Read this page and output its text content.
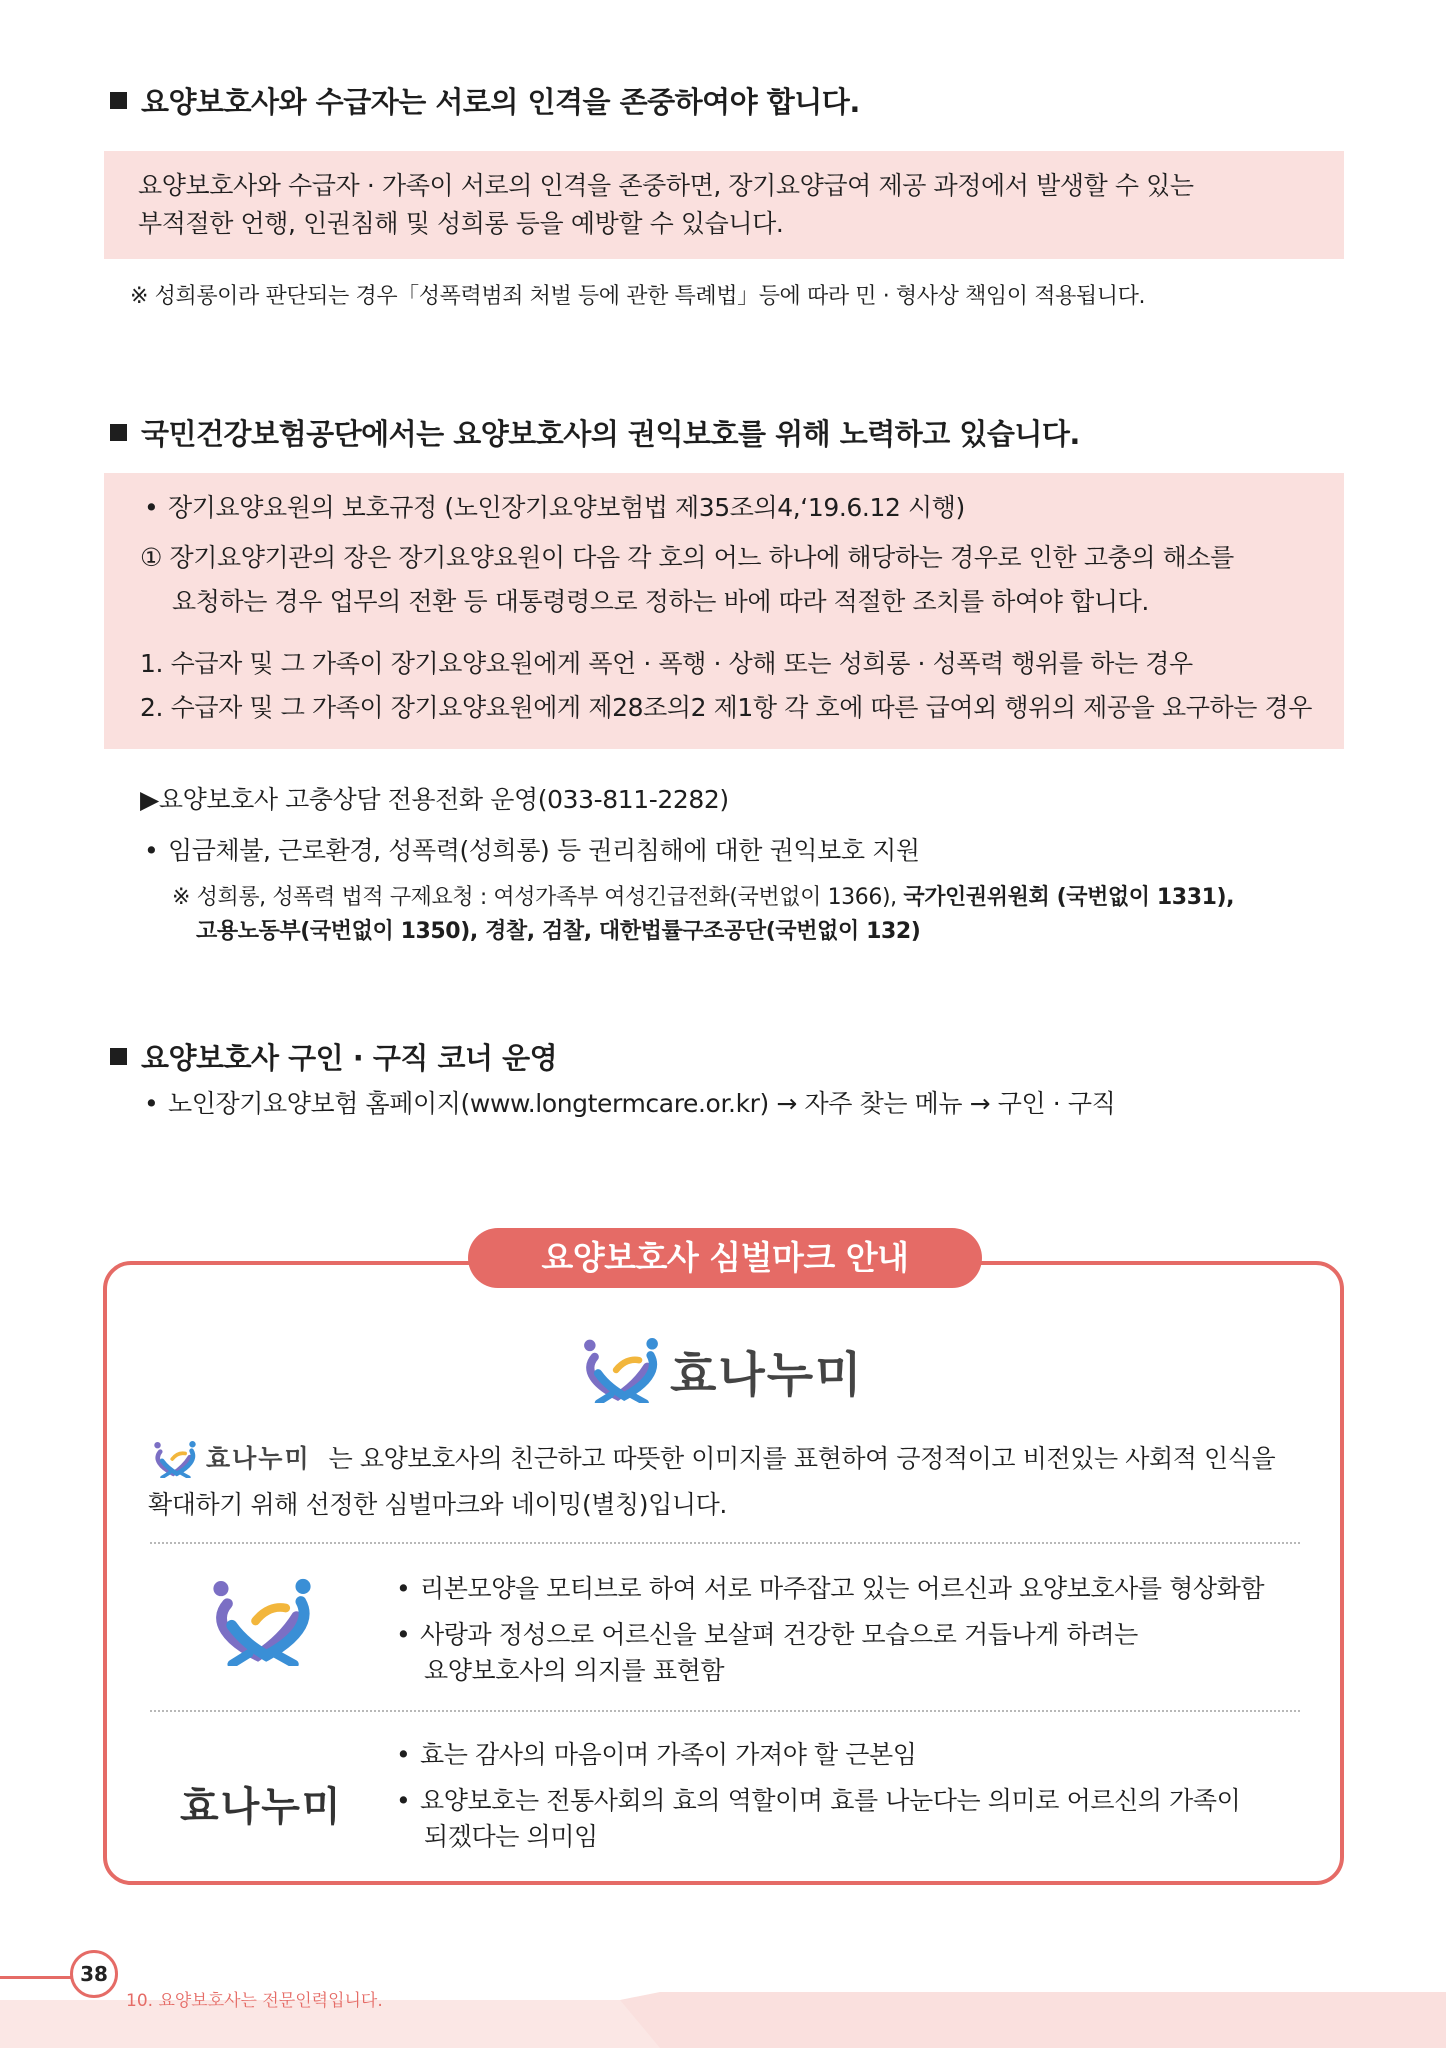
요양보호사와 수급자는 서로의 인격을 존중하여야 합니다.
요양보호사와 수급자 · 가족이 서로의 인격을 존중하면, 장기요양급여 제공 과정에서 발생할 수 있는
부적절한 언행, 인권침해 및 성희롱 등을 예방할 수 있습니다.
※ 성희롱이라 판단되는 경우「성폭력범죄 처벌 등에 관한 특례법」등에 따라 민 · 형사상 책임이 적용됩니다.
국민건강보험공단에서는 요양보호사의 권익보호를 위해 노력하고 있습니다.
• 장기요양요원의 보호규정 (노인장기요양보험법 제35조의4,‘19.6.12 시행)
① 장기요양기관의 장은 장기요양요원이 다음 각 호의 어느 하나에 해당하는 경우로 인한 고충의 해소를
요청하는 경우 업무의 전환 등 대통령령으로 정하는 바에 따라 적절한 조치를 하여야 합니다.
1. 수급자 및 그 가족이 장기요양요원에게 폭언 · 폭행 · 상해 또는 성희롱 · 성폭력 행위를 하는 경우
2. 수급자 및 그 가족이 장기요양요원에게 제28조의2 제1항 각 호에 따른 급여외 행위의 제공을 요구하는 경우
▶요양보호사 고충상담 전용전화 운영(033-811-2282)
• 임금체불, 근로환경, 성폭력(성희롱) 등 권리침해에 대한 권익보호 지원
※ 성희롱, 성폭력 법적 구제요청 : 여성가족부 여성긴급전화(국번없이 1366), 국가인권위원회 (국번없이 1331),
고용노동부(국번없이 1350), 경찰, 검찰, 대한법률구조공단(국번없이 132)
요양보호사 구인 · 구직 코너 운영
• 노인장기요양보험 홈페이지(www.longtermcare.or.kr) → 자주 찾는 메뉴 → 구인 · 구직
요양보호사 심벌마크 안내
효나누미
효나누미 는 요양보호사의 친근하고 따뜻한 이미지를 표현하여 긍정적이고 비전있는 사회적 인식을
확대하기 위해 선정한 심벌마크와 네이밍(별칭)입니다.
• 리본모양을 모티브로 하여 서로 마주잡고 있는 어르신과 요양보호사를 형상화함
• 사랑과 정성으로 어르신을 보살펴 건강한 모습으로 거듭나게 하려는
요양보호사의 의지를 표현함
효나누미
• 효는 감사의 마음이며 가족이 가져야 할 근본임
• 요양보호는 전통사회의 효의 역할이며 효를 나눈다는 의미로 어르신의 가족이
되겠다는 의미임
38
10. 요양보호사는 전문인력입니다.
